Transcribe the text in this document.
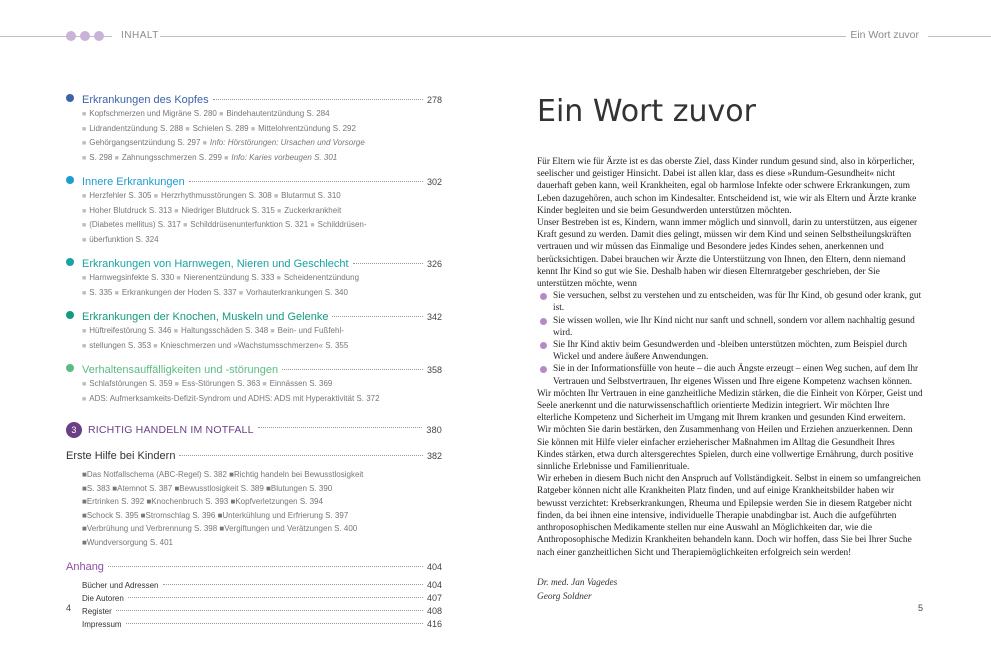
INHALT	Ein Wort zuvor
Erkrankungen des Kopfes	278
■ Kopfschmerzen und Migräne S. 280 ■ Bindehautentzündung S. 284
■ Lidrandentzündung S. 288 ■ Schielen S. 289 ■ Mittelohrentzündung S. 292
■ Gehörgangsentzündung S. 297 ■ Info: Hörstörungen: Ursachen und Vorsorge
■ S. 298 ■ Zahnungsschmerzen S. 299 ■ Info: Karies vorbeugen S. 301
Innere Erkrankungen	302
■ Herzfehler S. 305 ■ Herzrhythmusstörungen S. 308 ■ Blutarmut S. 310
■ Hoher Blutdruck S. 313 ■ Niedriger Blutdruck S. 315 ■ Zuckerkrankheit
■ (Diabetes mellitus) S. 317 ■ Schilddrüsenunterfunktion S. 321 ■ Schilddrüsen-
■ überfunktion S. 324
Erkrankungen von Harnwegen, Nieren und Geschlecht	326
■ Harnwegsinfekte S. 330 ■ Nierenentzündung S. 333 ■ Scheidenentzündung
■ S. 335 ■ Erkrankungen der Hoden S. 337 ■ Vorhauterkrankungen S. 340
Erkrankungen der Knochen, Muskeln und Gelenke	342
■ Hüftreifestörung S. 346 ■ Haltungsschäden S. 348 ■ Bein- und Fußfehl-
■ stellungen S. 353 ■ Knieschmerzen und »Wachstumsschmerzen« S. 355
Verhaltensauffälligkeiten und -störungen	358
■ Schlafstörungen S. 359 ■ Ess-Störungen S. 363 ■ Einnässen S. 369
■ ADS: Aufmerksamkeits-Defizit-Syndrom und ADHS: ADS mit Hyperaktivität S. 372
3	RICHTIG HANDELN IM NOTFALL	380
Erste Hilfe bei Kindern	382
■Das Notfallschema (ABC-Regel) S. 382 ■Richtig handeln bei Bewusstlosigkeit
■S. 383 ■Atemnot S. 387 ■Bewusstlosigkeit S. 389 ■Blutungen S. 390
■Ertrinken S. 392 ■Knochenbruch S. 393 ■Kopfverletzungen S. 394
■Schock S. 395 ■Stromschlag S. 396 ■Unterkühlung und Erfrierung S. 397
■Verbrühung und Verbrennung S. 398 ■Vergiftungen und Verätzungen S. 400
■Wundversorgung S. 401
Anhang	404
Bücher und Adressen	404
Die Autoren	407
Register	408
Impressum	416
4
Ein Wort zuvor

Für Eltern wie für Ärzte ist es das oberste Ziel, dass Kinder rundum gesund sind, also in körperlicher, seelischer und geistiger Hinsicht. Dabei ist allen klar, dass es diese »Rundum-Gesundheit« nicht dauerhaft geben kann, weil Krankheiten, egal ob harmlose Infekte oder schwere Erkrankungen, zum Leben dazugehören, auch schon im Kindesalter. Entscheidend ist, wie wir als Eltern und Ärzte kranke Kinder begleiten und sie beim Gesundwerden unterstützen möchten.

Unser Bestreben ist es, Kindern, wann immer möglich und sinnvoll, darin zu unterstützen, aus eigener Kraft gesund zu werden. Damit dies gelingt, müssen wir dem Kind und seinen Selbstheilungskräften vertrauen und wir müssen das Einmalige und Besondere jedes Kindes sehen, anerkennen und berücksichtigen. Dabei brauchen wir Ärzte die Unterstützung von Ihnen, den Eltern, denn niemand kennt Ihr Kind so gut wie Sie. Deshalb haben wir diesen Elternratgeber geschrieben, der Sie unterstützen möchte, wenn

Sie versuchen, selbst zu verstehen und zu entscheiden, was für Ihr Kind, ob gesund oder krank, gut ist.
Sie wissen wollen, wie Ihr Kind nicht nur sanft und schnell, sondern vor allem nachhaltig gesund wird.
Sie Ihr Kind aktiv beim Gesundwerden und -bleiben unterstützen möchten, zum Beispiel durch Wickel und andere äußere Anwendungen.
Sie in der Informationsfülle von heute – die auch Ängste erzeugt – einen Weg suchen, auf dem Ihr Vertrauen und Selbstvertrauen, Ihr eigenes Wissen und Ihre eigene Kompetenz wachsen können.

Wir möchten Ihr Vertrauen in eine ganzheitliche Medizin stärken, die die Einheit von Körper, Geist und Seele anerkennt und die naturwissenschaftlich orientierte Medizin integriert. Wir möchten Ihre elterliche Kompetenz und Sicherheit im Umgang mit Ihrem kranken und gesunden Kind erweitern.

Wir möchten Sie darin bestärken, den Zusammenhang von Heilen und Erziehen anzuerkennen. Denn Sie können mit Hilfe vieler einfacher erzieherischer Maßnahmen im Alltag die Gesundheit Ihres Kindes stärken, etwa durch altersgerechtes Spielen, durch eine vollwertige Ernährung, durch positive sinnliche Erlebnisse und Familienrituale.

Wir erheben in diesem Buch nicht den Anspruch auf Vollständigkeit. Selbst in einem so umfangreichen Ratgeber können nicht alle Krankheiten Platz finden, und auf einige Krankheitsbilder haben wir bewusst verzichtet: Krebserkrankungen, Rheuma und Epilepsie werden Sie in diesem Ratgeber nicht finden, da bei ihnen eine intensive, individuelle Therapie unabdingbar ist. Auch die aufgeführten anthroposophischen Medikamente stellen nur eine Auswahl an Möglichkeiten dar, wie die Anthroposophische Medizin Krankheiten behandeln kann. Doch wir hoffen, dass Sie bei Ihrer Suche nach einer ganzheitlichen Sicht und Therapiemöglichkeiten erfolgreich sein werden!

Dr. med. Jan Vagedes
Georg Soldner
5
